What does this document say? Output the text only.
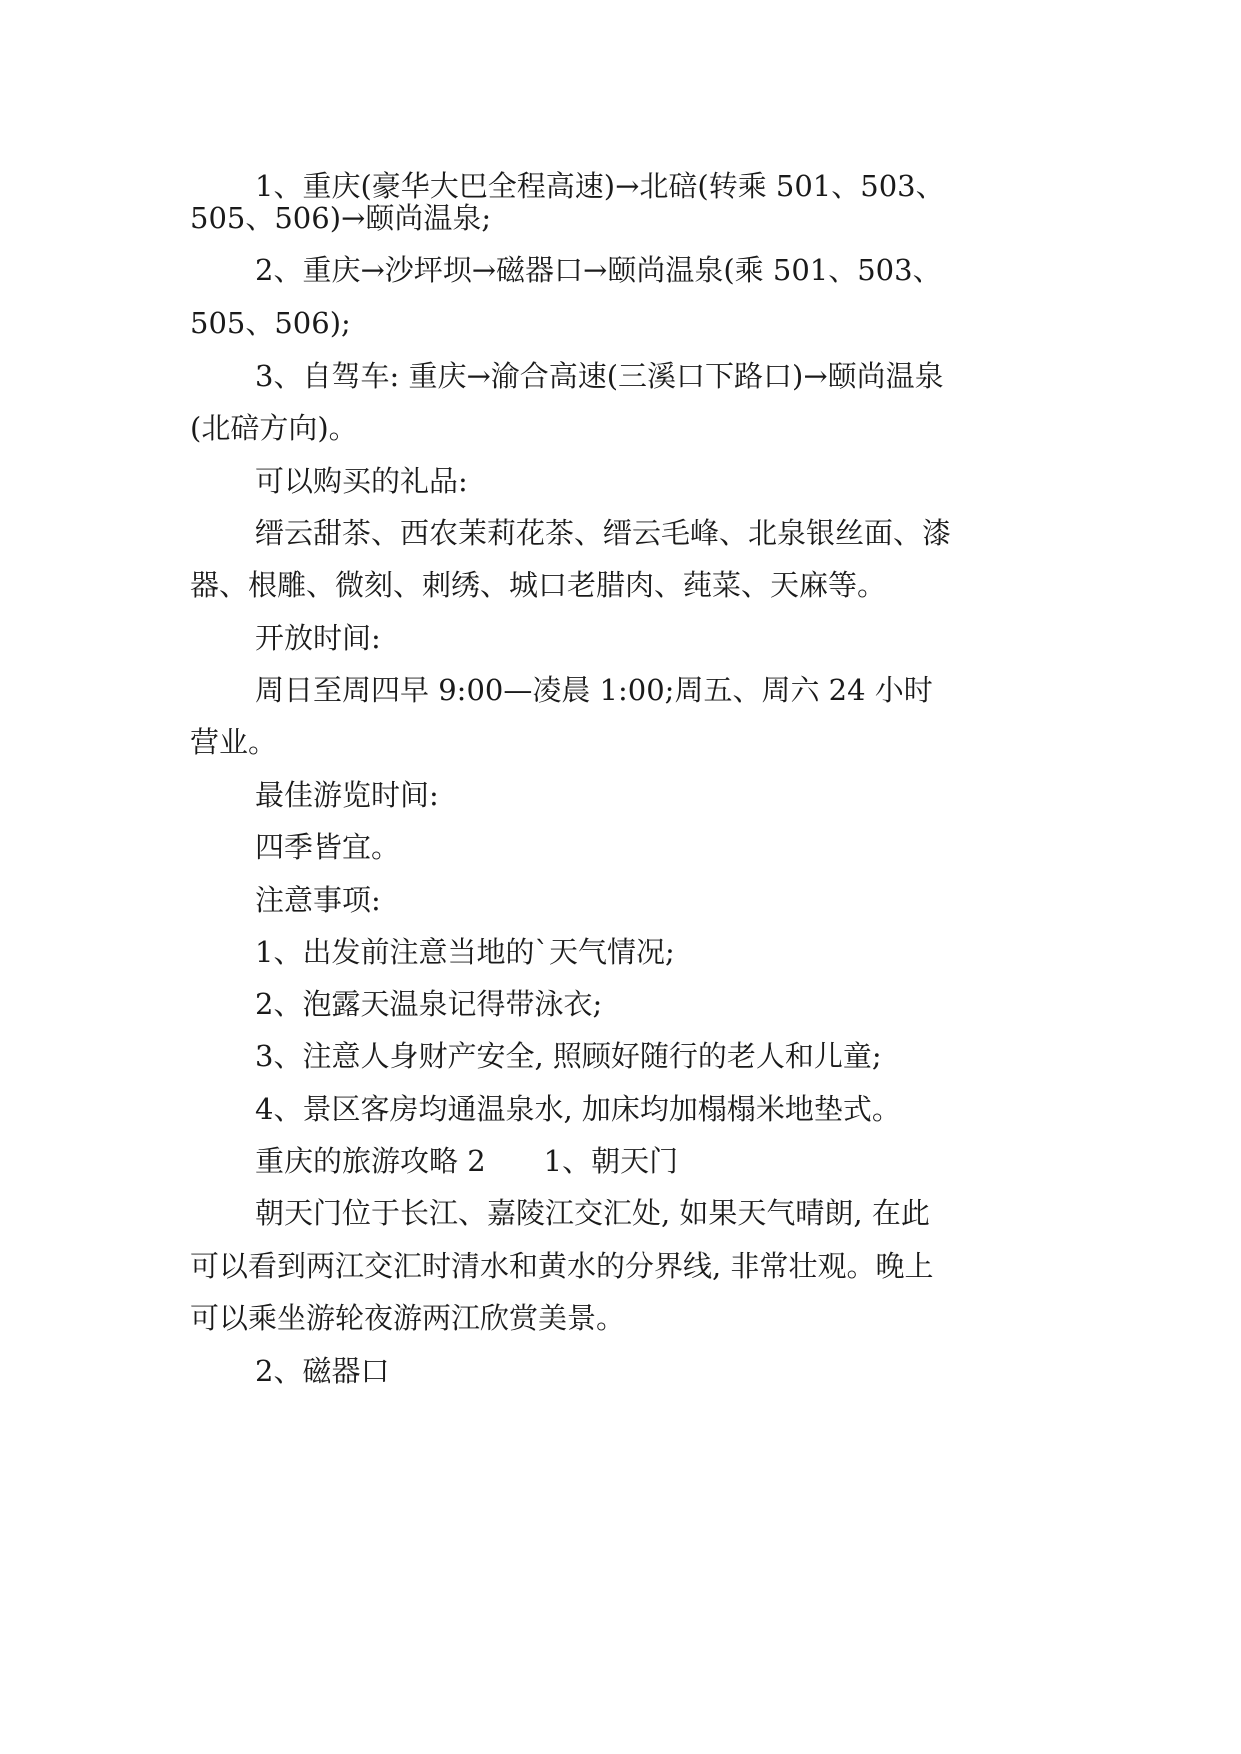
1、重庆(豪华大巴全程高速)→北碚(转乘 501、503、
505、506)→颐尚温泉;
2、重庆→沙坪坝→磁器口→颐尚温泉(乘 501、503、
505、506);
3、自驾车: 重庆→渝合高速(三溪口下路口)→颐尚温泉
(北碚方向)。
可以购买的礼品:
缙云甜茶、西农茉莉花茶、缙云毛峰、北泉银丝面、漆
器、根雕、微刻、刺绣、城口老腊肉、莼菜、天麻等。
开放时间:
周日至周四早 9:00—凌晨 1:00;周五、周六 24 小时
营业。
最佳游览时间:
四季皆宜。
注意事项:
1、出发前注意当地的`天气情况;
2、泡露天温泉记得带泳衣;
3、注意人身财产安全, 照顾好随行的老人和儿童;
4、景区客房均通温泉水, 加床均加榻榻米地垫式。
重庆的旅游攻略 2　　1、朝天门
朝天门位于长江、嘉陵江交汇处, 如果天气晴朗, 在此
可以看到两江交汇时清水和黄水的分界线, 非常壮观。晚上
可以乘坐游轮夜游两江欣赏美景。
2、磁器口
